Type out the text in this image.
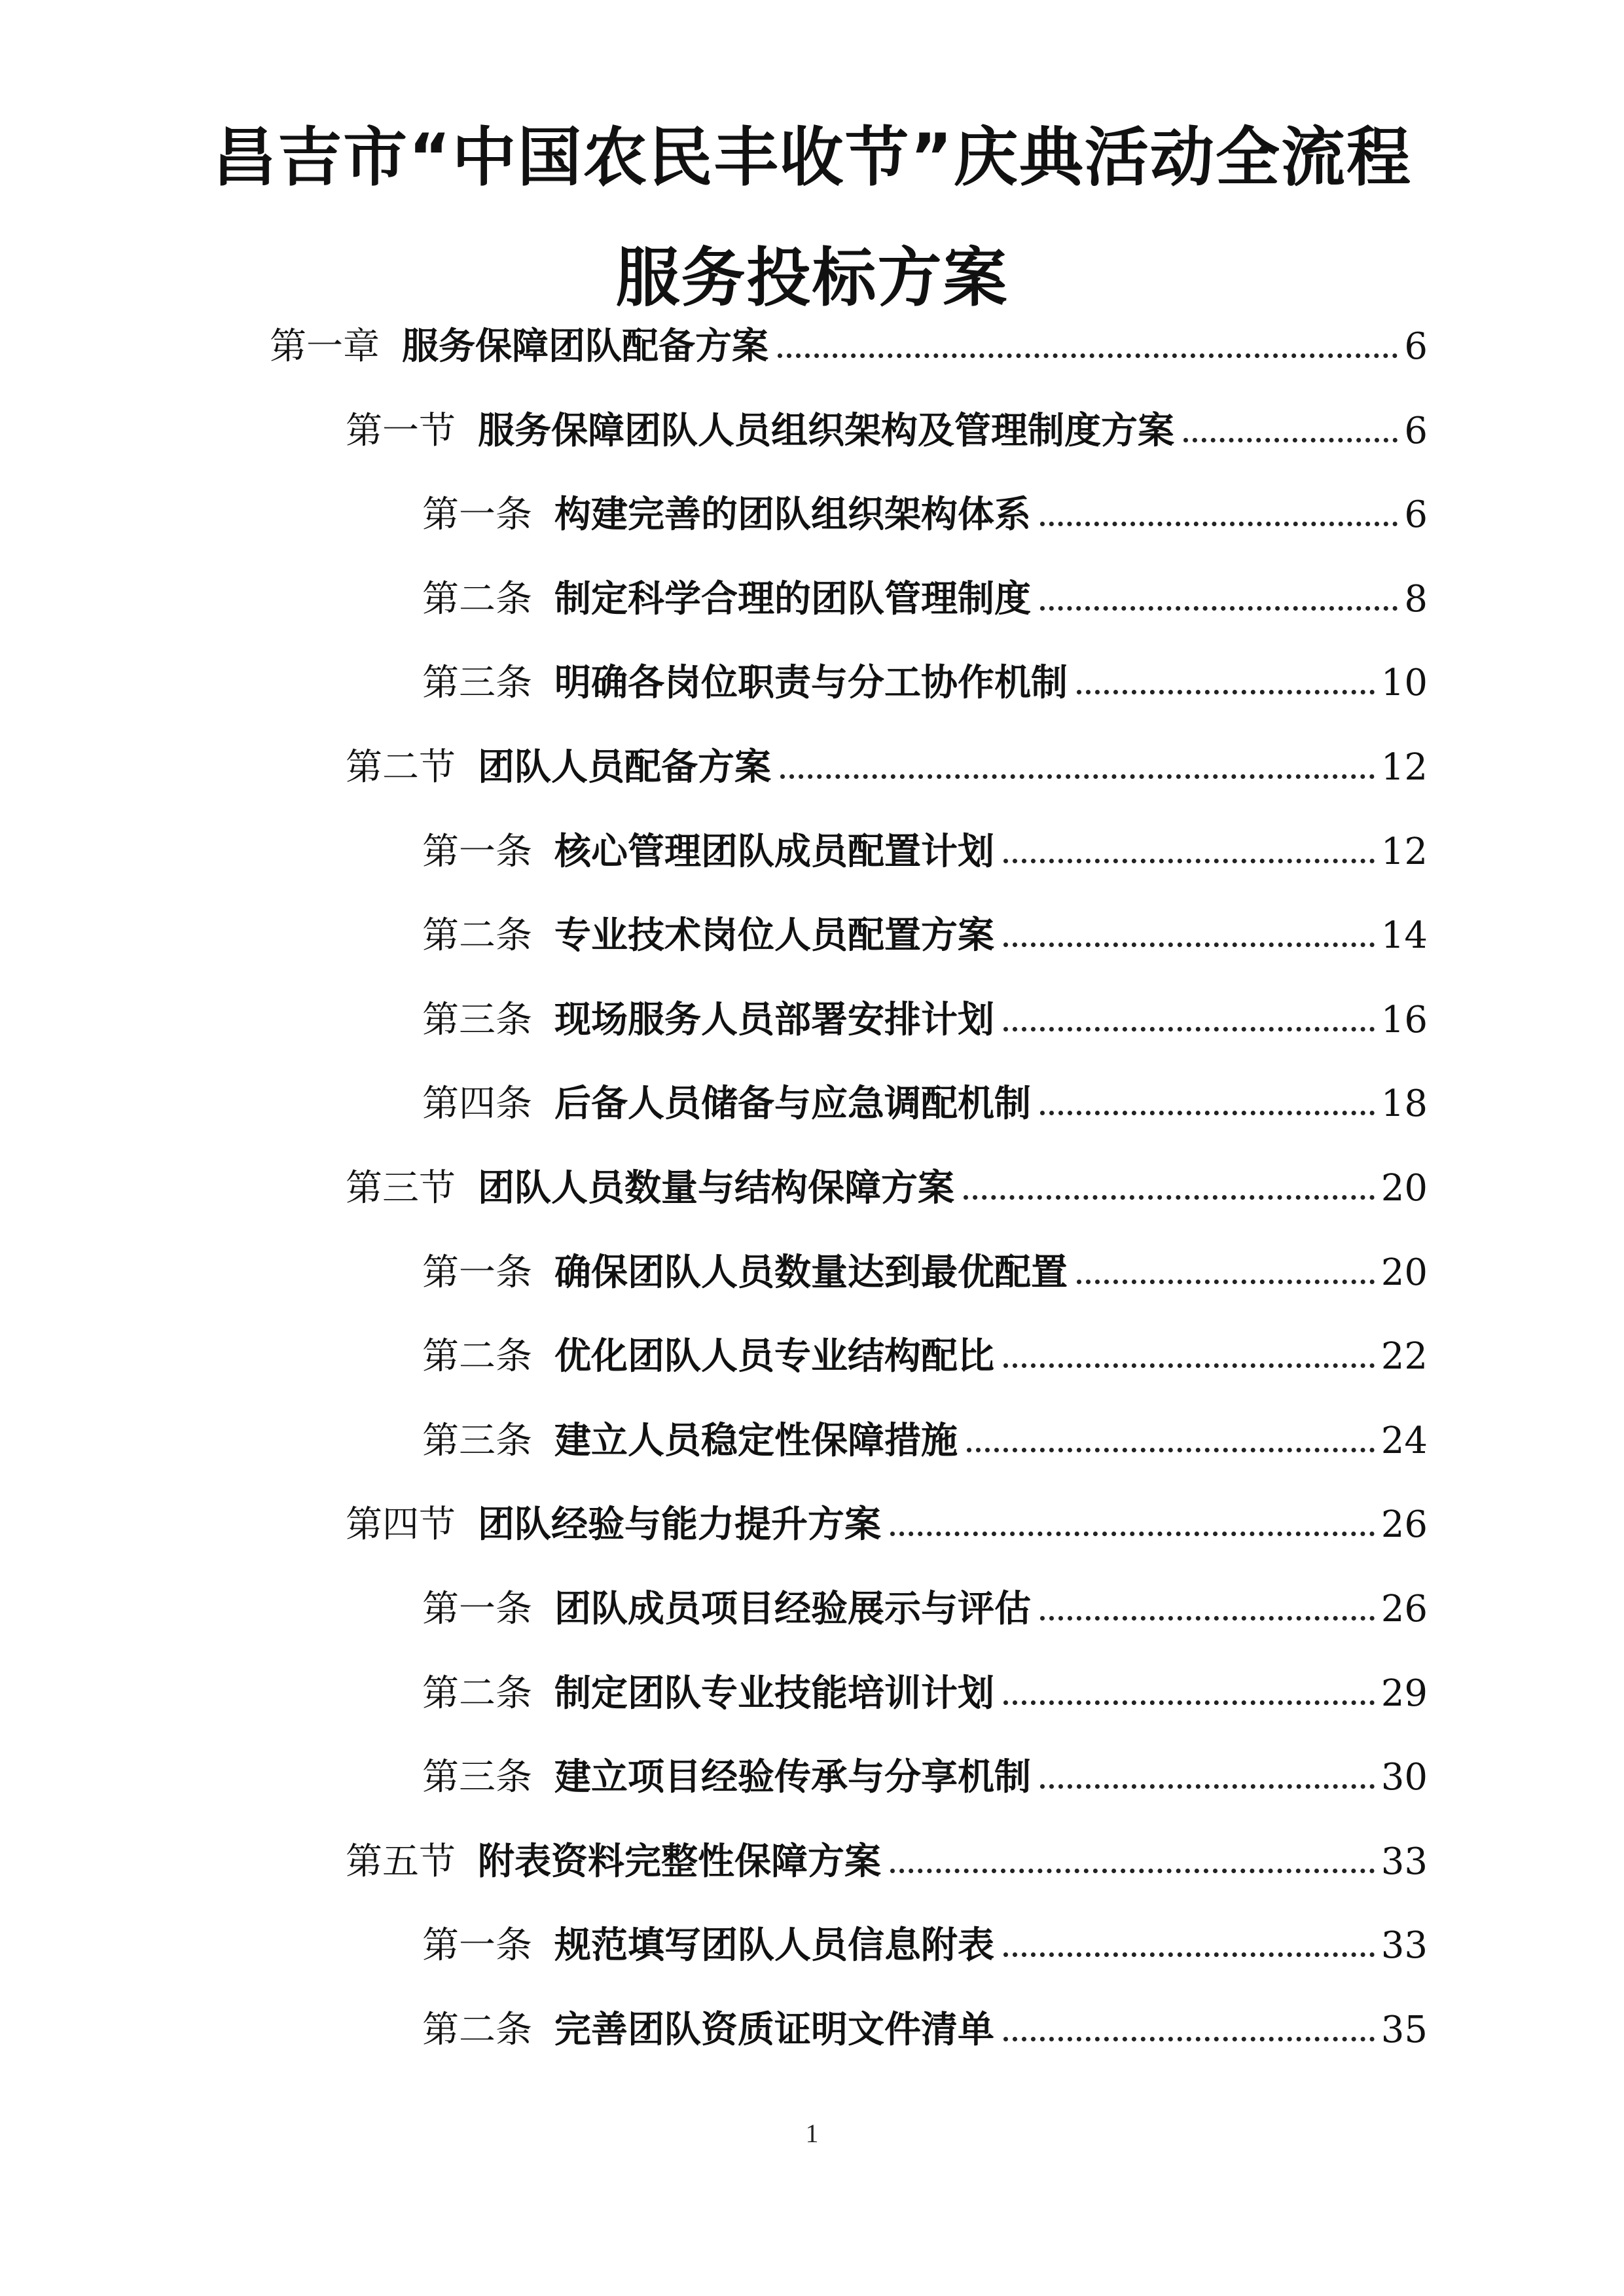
昌吉市“中国农民丰收节”庆典活动全流程
服务投标方案
第一章 服务保障团队配备方案	6
第一节 服务保障团队人员组织架构及管理制度方案	6
第一条 构建完善的团队组织架构体系	6
第二条 制定科学合理的团队管理制度	8
第三条 明确各岗位职责与分工协作机制	10
第二节 团队人员配备方案	12
第一条 核心管理团队成员配置计划	12
第二条 专业技术岗位人员配置方案	14
第三条 现场服务人员部署安排计划	16
第四条 后备人员储备与应急调配机制	18
第三节 团队人员数量与结构保障方案	20
第一条 确保团队人员数量达到最优配置	20
第二条 优化团队人员专业结构配比	22
第三条 建立人员稳定性保障措施	24
第四节 团队经验与能力提升方案	26
第一条 团队成员项目经验展示与评估	26
第二条 制定团队专业技能培训计划	29
第三条 建立项目经验传承与分享机制	30
第五节 附表资料完整性保障方案	33
第一条 规范填写团队人员信息附表	33
第二条 完善团队资质证明文件清单	35
1
